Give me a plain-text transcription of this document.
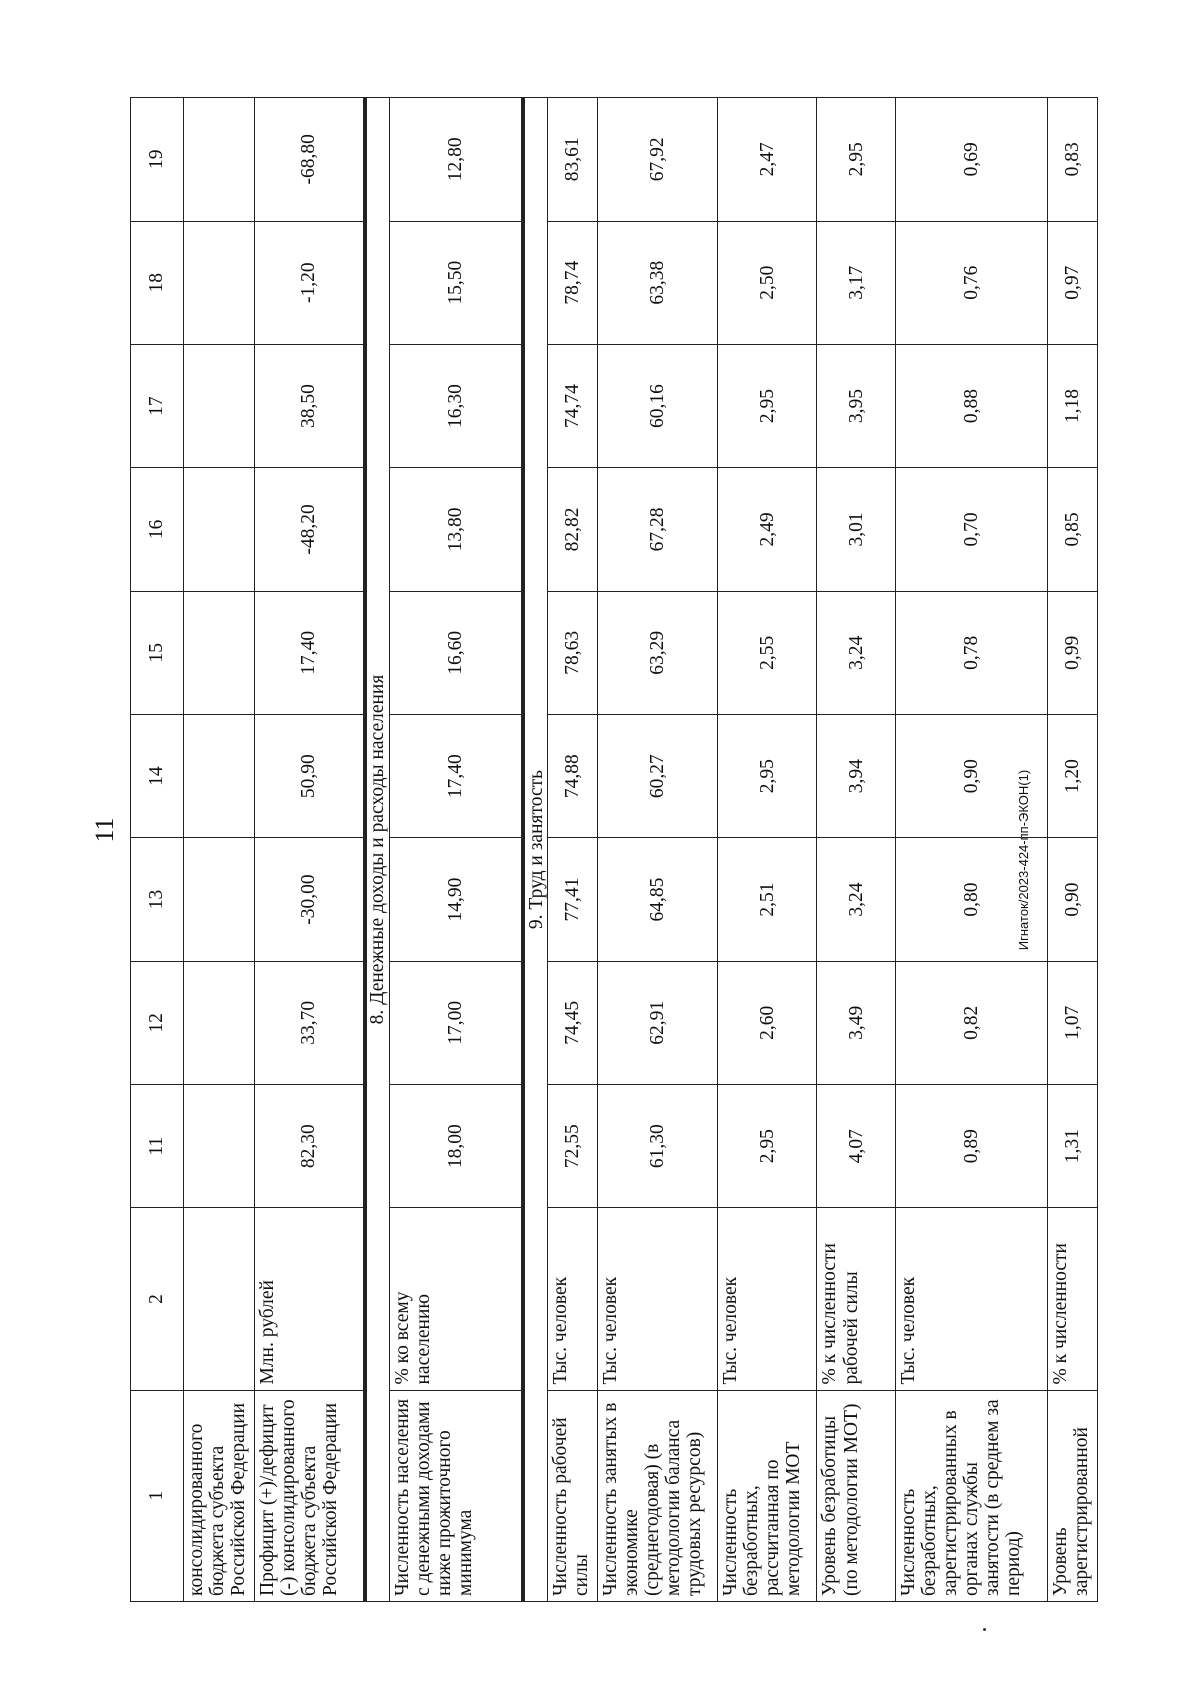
11	Игнаток/2023-424-пп-ЭКОН(1)
1	2	11	12	13	14	15	16	17	18	19
консолидированного бюджета субъекта Российской Федерации										
Профицит (+)/дефицит (-) консолидированного бюджета субъекта Российской Федерации	Млн. рублей	82,30	33,70	-30,00	50,90	17,40	-48,20	38,50	-1,20	-68,80
8. Денежные доходы и расходы населения										
Численность населения с денежными доходами ниже прожиточного минимума	% ко всему населению	18,00	17,00	14,90	17,40	16,60	13,80	16,30	15,50	12,80
9. Труд и занятость										
Численность рабочей силы	Тыс. человек	72,55	74,45	77,41	74,88	78,63	82,82	74,74	78,74	83,61
Численность занятых в экономике (среднегодовая) (в методологии баланса трудовых ресурсов)	Тыс. человек	61,30	62,91	64,85	60,27	63,29	67,28	60,16	63,38	67,92
Численность безработных, рассчитанная по методологии МОТ	Тыс. человек	2,95	2,60	2,51	2,95	2,55	2,49	2,95	2,50	2,47
Уровень безработицы (по методологии МОТ)	% к численности рабочей силы	4,07	3,49	3,24	3,94	3,24	3,01	3,95	3,17	2,95
Численность безработных, зарегистрированных в органах службы занятости (в среднем за период)	Тыс. человек	0,89	0,82	0,80	0,90	0,78	0,70	0,88	0,76	0,69
Уровень зарегистрированной	% к численности	1,31	1,07	0,90	1,20	0,99	0,85	1,18	0,97	0,83
